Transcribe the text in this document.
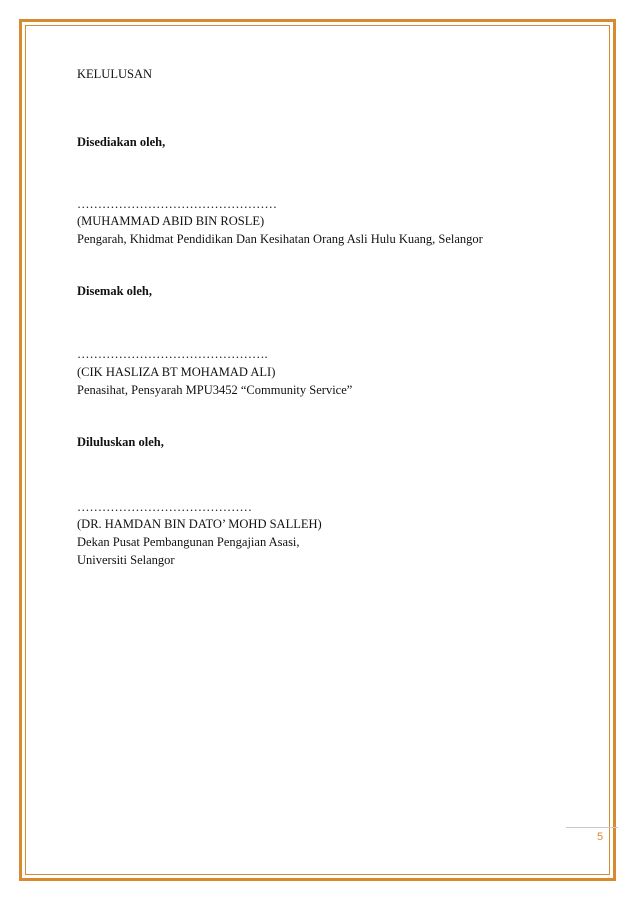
KELULUSAN
Disediakan oleh,
…………………………………………
(MUHAMMAD ABID BIN ROSLE)
Pengarah, Khidmat Pendidikan Dan Kesihatan Orang Asli Hulu Kuang, Selangor
Disemak oleh,
……………………………………….
(CIK HASLIZA BT MOHAMAD ALI)
Penasihat, Pensyarah MPU3452 “Community Service”
Diluluskan oleh,
……………………………………
(DR. HAMDAN BIN DATO’ MOHD SALLEH)
Dekan Pusat Pembangunan Pengajian Asasi,
Universiti Selangor
5
